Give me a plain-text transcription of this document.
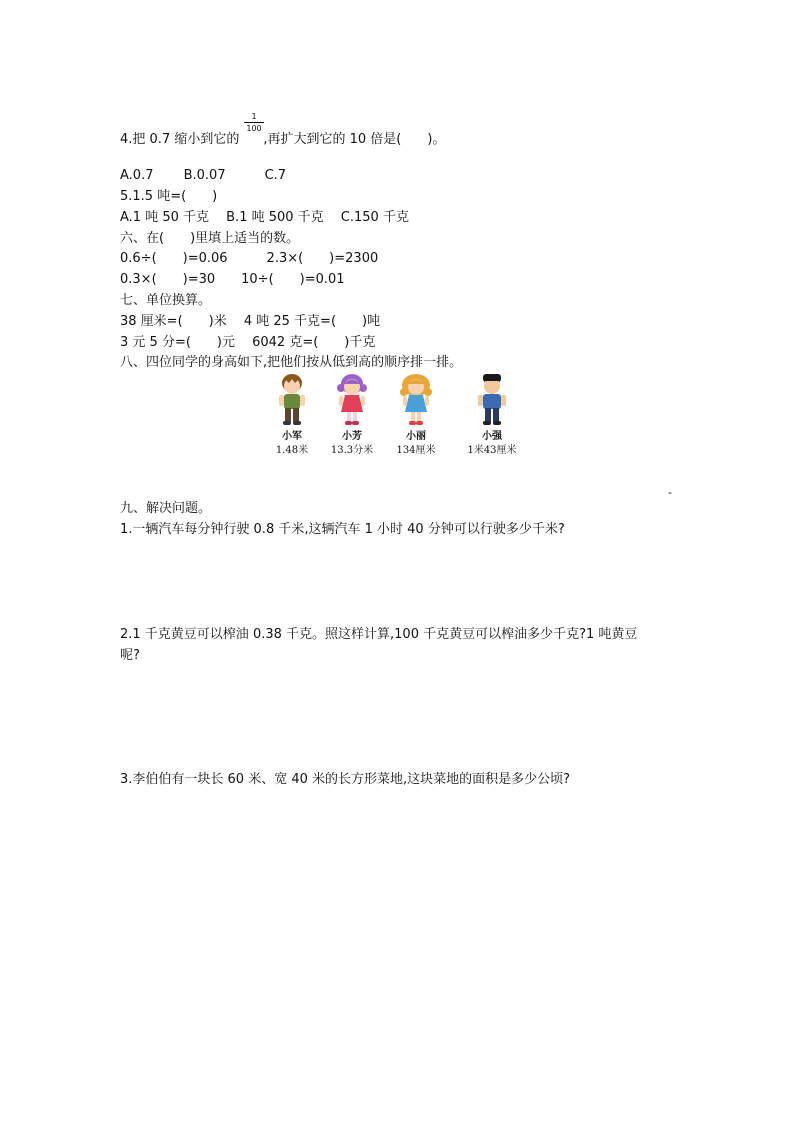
4.把 0.7 缩小到它的 ,再扩大到它的 10 倍是(　　)。
1
100
A.0.7　　 B.0.07　　　C.7
5.1.5 吨=(　　)
A.1 吨 50 千克　 B.1 吨 500 千克　 C.150 千克
六、在(　　)里填上适当的数。
0.6÷(　　)=0.06　　　2.3×(　　)=2300
0.3×(　　)=30　　10÷(　　)=0.01
七、单位换算。
38 厘米=(　　)米　 4 吨 25 千克=(　　)吨
3 元 5 分=(　　)元　 6042 克=(　　)千克
八、四位同学的身高如下,把他们按从低到高的顺序排一排。
小军
1.48米
小芳
13.3分米
小丽
134厘米
小强
1米43厘米
-
九、解决问题。
1.一辆汽车每分钟行驶 0.8 千米,这辆汽车 1 小时 40 分钟可以行驶多少千米?
2.1 千克黄豆可以榨油 0.38 千克。照这样计算,100 千克黄豆可以榨油多少千克?1 吨黄豆
呢?
3.李伯伯有一块长 60 米、宽 40 米的长方形菜地,这块菜地的面积是多少公顷?
